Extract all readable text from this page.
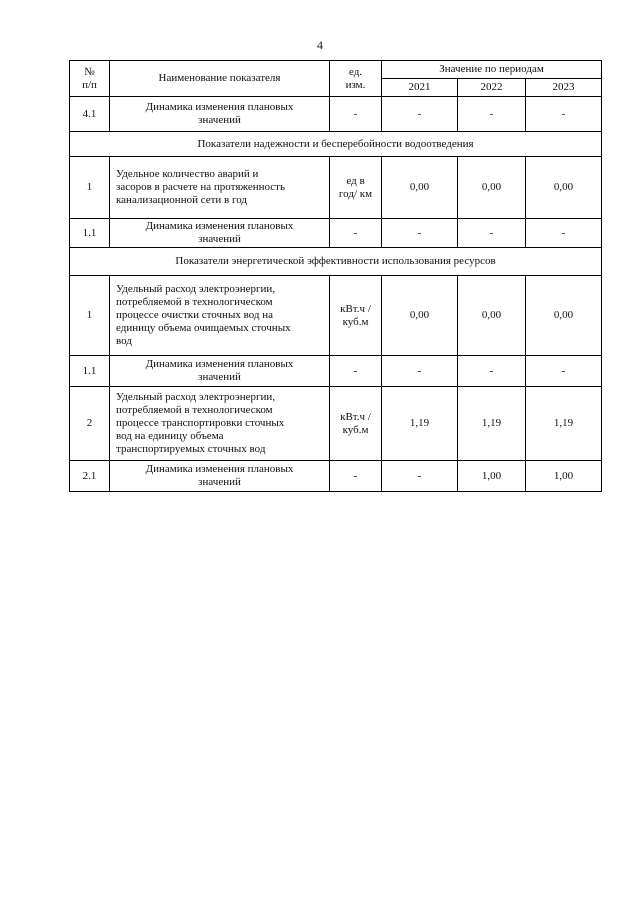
4
№
п/п	Наименование показателя	ед.
изм.	Значение по периодам		
			2021	2022	2023
4.1	Динамика изменения плановых
значений	-	-	-	-
Показатели надежности и бесперебойности водоотведения					
1	Удельное количество аварий и
засоров в расчете на протяженность
канализационной сети в год	ед в
год/ км	0,00	0,00	0,00
1.1	Динамика изменения плановых
значений	-	-	-	-
Показатели энергетической эффективности использования ресурсов					
1	Удельный расход электроэнергии,
потребляемой в технологическом
процессе очистки сточных вод на
единицу объема очищаемых сточных
вод	кВт.ч /
куб.м	0,00	0,00	0,00
1.1	Динамика изменения плановых
значений	-	-	-	-
2	Удельный расход электроэнергии,
потребляемой в технологическом
процессе транспортировки сточных
вод на единицу объема
транспортируемых сточных вод	кВт.ч /
куб.м	1,19	1,19	1,19
2.1	Динамика изменения плановых
значений	-	-	1,00	1,00
